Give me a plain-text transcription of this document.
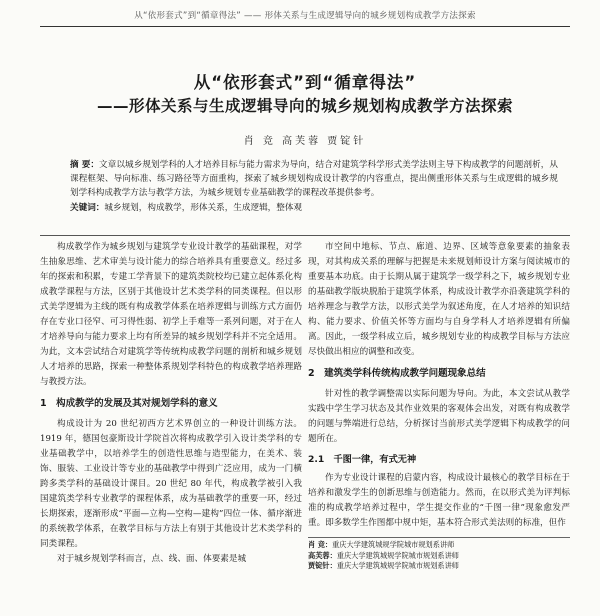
从“依形套式”到“循章得法” —— 形体关系与生成逻辑导向的城乡规划构成教学方法探索
从“依形套式”到“循章得法”
——形体关系与生成逻辑导向的城乡规划构成教学方法探索
肖 竞 高芙蓉 贾锭针
摘 要：文章以城乡规划学科的人才培养目标与能力需求为导向，结合对建筑学科学形式美学法则主导下构成教学的问题剖析，从课程框架、导向标准、练习路径等方面重构，探索了城乡规划构成设计教学的内容重点，提出侧重形体关系与生成逻辑的城乡规划学科构成教学方法与教学方法，为城乡规划专业基础教学的课程改革提供参考。
关键词：城乡规划，构成教学，形体关系，生成逻辑，整体观

构成教学作为城乡规划与建筑学专业设计教学的基础课程，对学生抽象思维、艺术审美与设计能力的综合培养具有重要意义。经过多年的探索和积累，专建工学背景下的建筑类院校均已建立起体系化构成教学课程与方法，区别于其他设计艺术类学科的同类课程。但以形式美学逻辑为主线的既有构成教学体系在培养逻辑与训练方式方面仍存在专业口径窄、可习得性弱、初学上手难等一系列问题，对于在人才培养导向与能力要求上均有所差异的城乡规划学科并不完全适用。为此，文本尝试结合对建筑学等传统构成教学问题的剖析和城乡规划人才培养的思路，探索一种整体系规划学科特色的构成教学培养理路与教授方法。

1　构成教学的发展及其对规划学科的意义

构成设计为 20 世纪初西方艺术界创立的一种设计训练方法。1919 年，德国包豪斯设计学院首次将构成教学引入设计类学科的专业基础教学中，以培养学生的创造性思维与造型能力，在美术、装饰、服装、工业设计等专业的基础教学中得到广泛应用，成为一门横跨多类学科的基础设计课目。20 世纪 80 年代，构成教学被引入我国建筑类学科专业教学的课程体系，成为基础教学的重要一环，经过长期探索，逐渐形成“平面—立构—空构—建构”四位一体、循序渐进的系统教学体系，在教学目标与方法上有别于其他设计艺术类学科的同类课程。

对于城乡规划学科而言，点、线、面、体要素是城

市空间中地标、节点、廊道、边界、区域等意象要素的抽象表现，对其构成关系的理解与把握是未来规划师设计方案与阅读城市的重要基本功底。由于长期从属于建筑学一级学科之下，城乡规划专业的基础教学版块脱胎于建筑学体系，构成设计教学亦沿袭建筑学科的培养理念与教学方法，以形式美学为叙述角度，在人才培养的知识结构、能力要求、价值关怀等方面均与自身学科人才培养逻辑有所偏离。因此，一级学科成立后，城乡规划专业的构成教学目标与方法应尽快做出相应的调整和改变。

2　建筑类学科传统构成教学问题现象总结

针对性的教学调整需以实际问题为导向。为此，本文尝试从教学实践中学生学习状态及其作业效果的客观体会出发，对既有构成教学的问题与弊端进行总结，分析探讨当前形式美学逻辑下构成教学的问题所在。

2.1　千图一律，有式无神

作为专业设计课程的启蒙内容，构成设计最核心的教学目标在于培养和激发学生的创新思维与创造能力。然而，在以形式美为评判标准的构成教学培养过程中，学生提交作业的“千图一律”现象愈发严重。即多数学生作图都中规中矩，基本符合形式美法则的标准，但作

肖 竞：重庆大学建筑城规学院城市规划系讲师
高芙蓉：重庆大学建筑城规学院城市规划系讲师
贾锭针：重庆大学建筑城规学院城市规划系讲师
